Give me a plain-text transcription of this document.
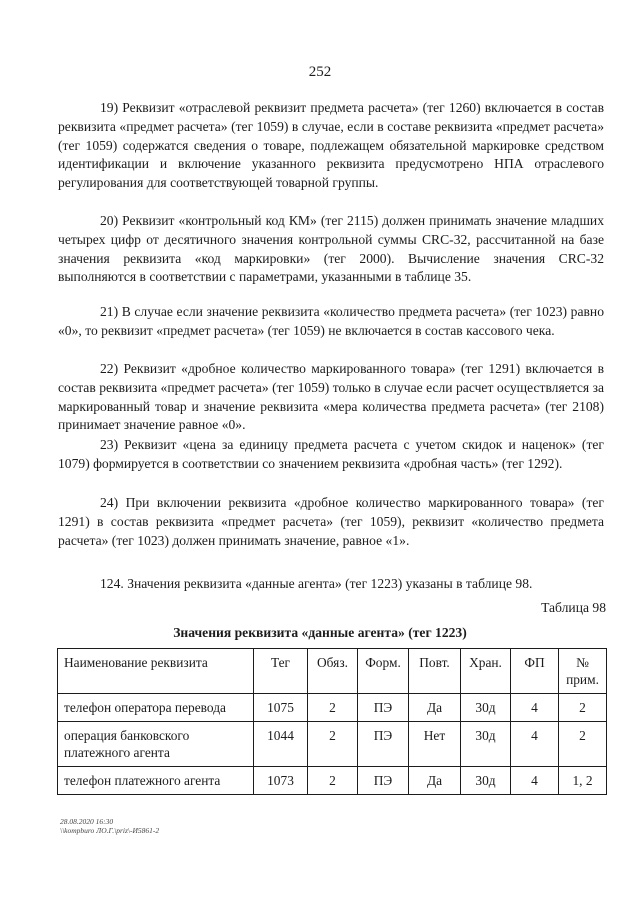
252

19) Реквизит «отраслевой реквизит предмета расчета» (тег 1260) включается в состав реквизита «предмет расчета» (тег 1059) в случае, если в составе реквизита «предмет расчета» (тег 1059) содержатся сведения о товаре, подлежащем обязательной маркировке средством идентификации и включение указанного реквизита предусмотрено НПА отраслевого регулирования для соответствующей товарной группы.

20) Реквизит «контрольный код КМ» (тег 2115) должен принимать значение младших четырех цифр от десятичного значения контрольной суммы CRC-32, рассчитанной на базе значения реквизита «код маркировки» (тег 2000). Вычисление значения CRC-32 выполняются в соответствии с параметрами, указанными в таблице 35.

21) В случае если значение реквизита «количество предмета расчета» (тег 1023) равно «0», то реквизит «предмет расчета» (тег 1059) не включается в состав кассового чека.

22) Реквизит «дробное количество маркированного товара» (тег 1291) включается в состав реквизита «предмет расчета» (тег 1059) только в случае если расчет осуществляется за маркированный товар и значение реквизита «мера количества предмета расчета» (тег 2108) принимает значение равное «0».

23) Реквизит «цена за единицу предмета расчета с учетом скидок и наценок» (тег 1079) формируется в соответствии со значением реквизита «дробная часть» (тег 1292).

24) При включении реквизита «дробное количество маркированного товара» (тег 1291) в состав реквизита «предмет расчета» (тег 1059), реквизит «количество предмета расчета» (тег 1023) должен принимать значение, равное «1».

124. Значения реквизита «данные агента» (тег 1223) указаны в таблице 98.

Таблица 98
Значения реквизита «данные агента» (тег 1223)
Наименование реквизита	Тег	Обяз.	Форм.	Повт.	Хран.	ФП	№ прим.
телефон оператора перевода	1075	2	ПЭ	Да	30д	4	2
операция банковского платежного агента	1044	2	ПЭ	Нет	30д	4	2
телефон платежного агента	1073	2	ПЭ	Да	30д	4	1, 2
28.08.2020 16:30
\\kompburo ЛО.Г.\priz\-И5861-2
